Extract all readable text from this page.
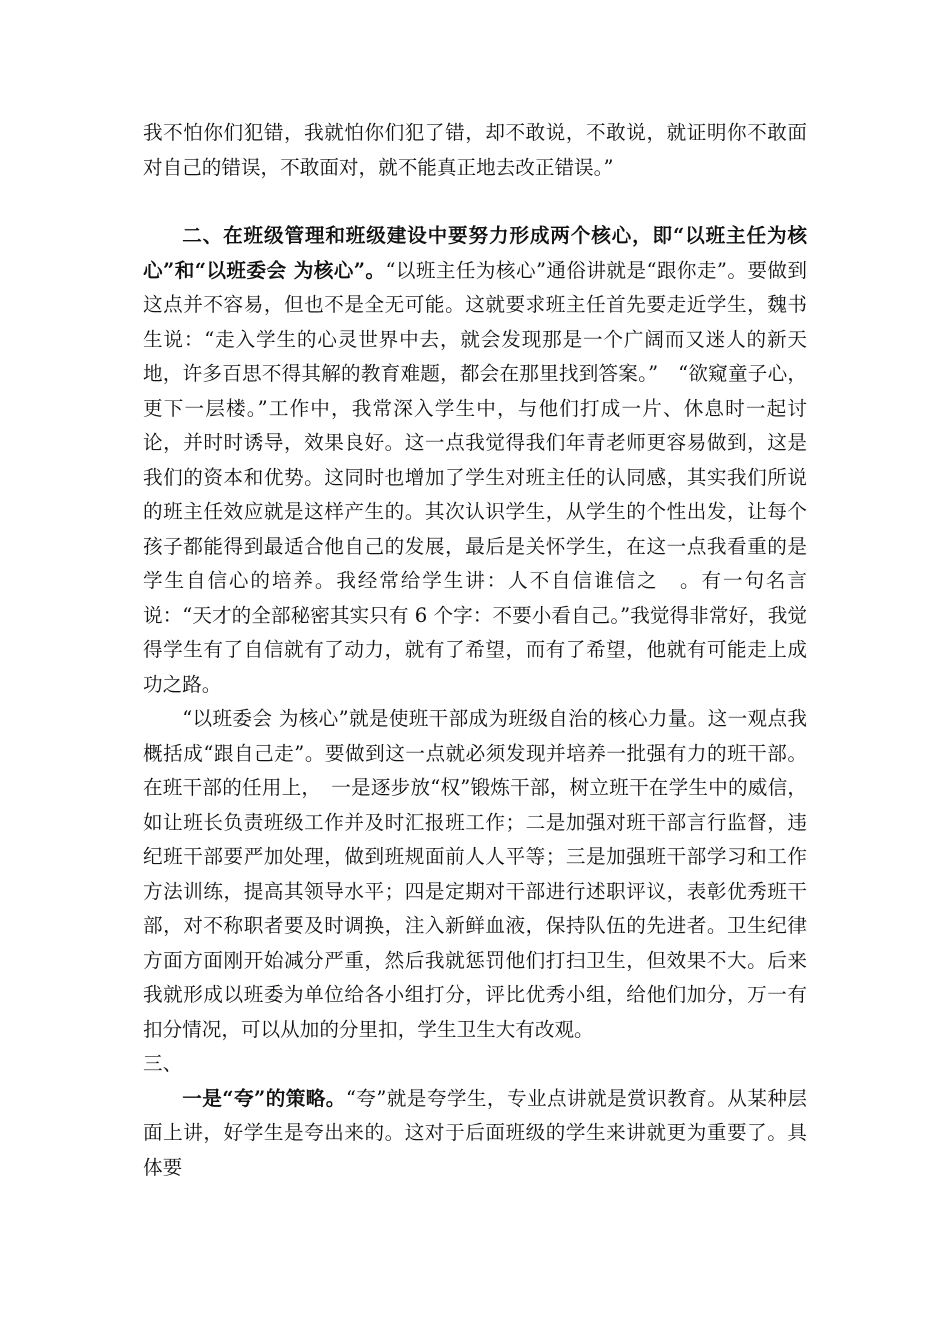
我不怕你们犯错，我就怕你们犯了错，却不敢说，不敢说，就证明你不敢面对自己的错误，不敢面对，就不能真正地去改正错误。”

二、在班级管理和班级建设中要努力形成两个核心，即“以班主任为核心”和“以班委会 为核心”。“以班主任为核心”通俗讲就是“跟你走”。要做到这点并不容易，但也不是全无可能。这就要求班主任首先要走近学生，魏书生说：“走入学生的心灵世界中去，就会发现那是一个广阔而又迷人的新天地，许多百思不得其解的教育难题，都会在那里找到答案。”　“欲窥童子心，更下一层楼。”工作中，我常深入学生中，与他们打成一片、休息时一起讨论，并时时诱导，效果良好。这一点我觉得我们年青老师更容易做到，这是我们的资本和优势。这同时也增加了学生对班主任的认同感，其实我们所说的班主任效应就是这样产生的。其次认识学生，从学生的个性出发，让每个孩子都能得到最适合他自己的发展，最后是关怀学生，在这一点我看重的是学生自信心的培养。我经常给学生讲：人不自信谁信之　。有一句名言说：“天才的全部秘密其实只有 6 个字：不要小看自己。”我觉得非常好，我觉得学生有了自信就有了动力，就有了希望，而有了希望，他就有可能走上成功之路。

“以班委会 为核心”就是使班干部成为班级自治的核心力量。这一观点我概括成“跟自己走”。要做到这一点就必须发现并培养一批强有力的班干部。在班干部的任用上，　一是逐步放“权”锻炼干部，树立班干在学生中的威信，如让班长负责班级工作并及时汇报班工作；二是加强对班干部言行监督，违纪班干部要严加处理，做到班规面前人人平等；三是加强班干部学习和工作方法训练，提高其领导水平；四是定期对干部进行述职评议，表彰优秀班干部，对不称职者要及时调换，注入新鲜血液，保持队伍的先进者。卫生纪律方面方面刚开始减分严重，然后我就惩罚他们打扫卫生，但效果不大。后来我就形成以班委为单位给各小组打分，评比优秀小组，给他们加分，万一有扣分情况，可以从加的分里扣，学生卫生大有改观。

三、

一是“夸”的策略。“夸”就是夸学生，专业点讲就是赏识教育。从某种层面上讲，好学生是夸出来的。这对于后面班级的学生来讲就更为重要了。具体要
